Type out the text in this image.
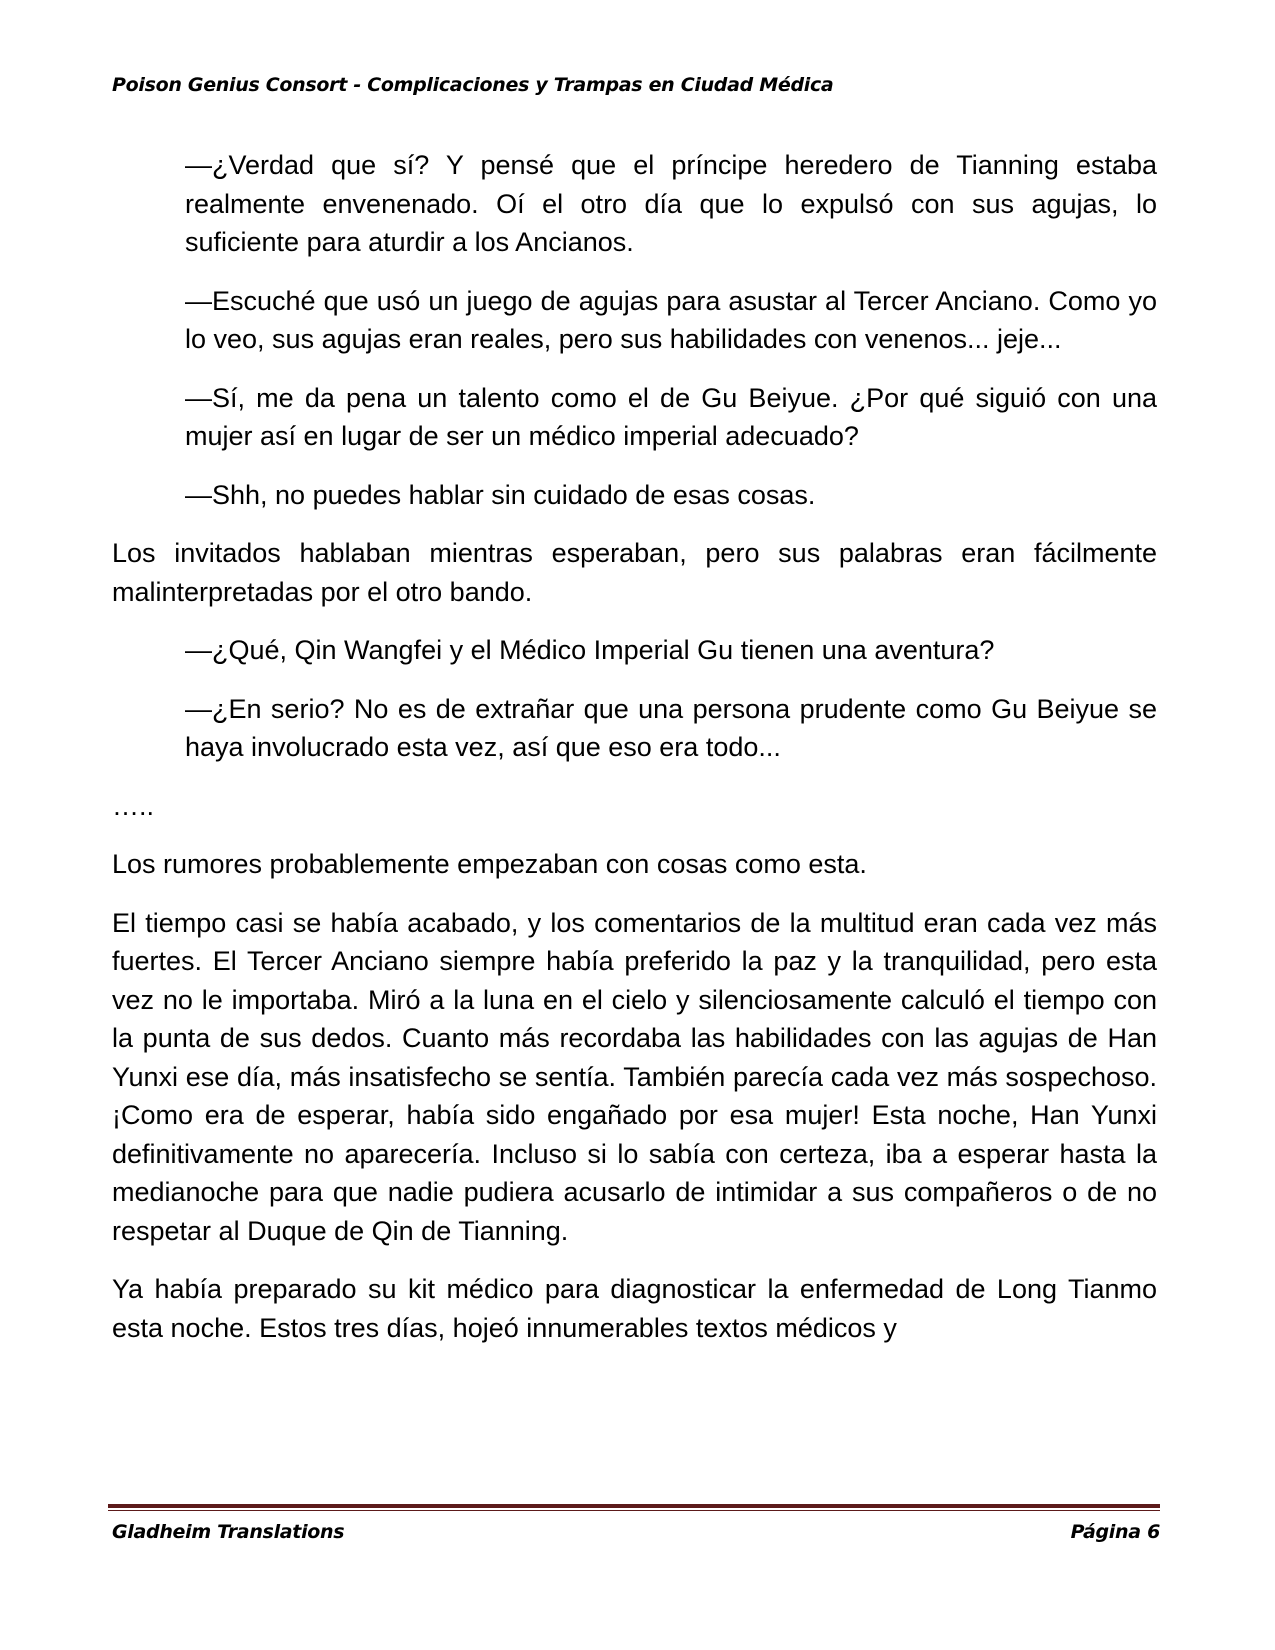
Poison Genius Consort - Complicaciones y Trampas en Ciudad Médica

—¿Verdad que sí? Y pensé que el príncipe heredero de Tianning estaba realmente envenenado. Oí el otro día que lo expulsó con sus agujas, lo suficiente para aturdir a los Ancianos.

—Escuché que usó un juego de agujas para asustar al Tercer Anciano. Como yo lo veo, sus agujas eran reales, pero sus habilidades con venenos... jeje...

—Sí, me da pena un talento como el de Gu Beiyue. ¿Por qué siguió con una mujer así en lugar de ser un médico imperial adecuado?

—Shh, no puedes hablar sin cuidado de esas cosas.

Los invitados hablaban mientras esperaban, pero sus palabras eran fácilmente malinterpretadas por el otro bando.

—¿Qué, Qin Wangfei y el Médico Imperial Gu tienen una aventura?

—¿En serio? No es de extrañar que una persona prudente como Gu Beiyue se haya involucrado esta vez, así que eso era todo...

…..

Los rumores probablemente empezaban con cosas como esta.

El tiempo casi se había acabado, y los comentarios de la multitud eran cada vez más fuertes. El Tercer Anciano siempre había preferido la paz y la tranquilidad, pero esta vez no le importaba. Miró a la luna en el cielo y silenciosamente calculó el tiempo con la punta de sus dedos. Cuanto más recordaba las habilidades con las agujas de Han Yunxi ese día, más insatisfecho se sentía. También parecía cada vez más sospechoso. ¡Como era de esperar, había sido engañado por esa mujer! Esta noche, Han Yunxi definitivamente no aparecería. Incluso si lo sabía con certeza, iba a esperar hasta la medianoche para que nadie pudiera acusarlo de intimidar a sus compañeros o de no respetar al Duque de Qin de Tianning.

Ya había preparado su kit médico para diagnosticar la enfermedad de Long Tianmo esta noche. Estos tres días, hojeó innumerables textos médicos y

Gladheim Translations	Página 6
